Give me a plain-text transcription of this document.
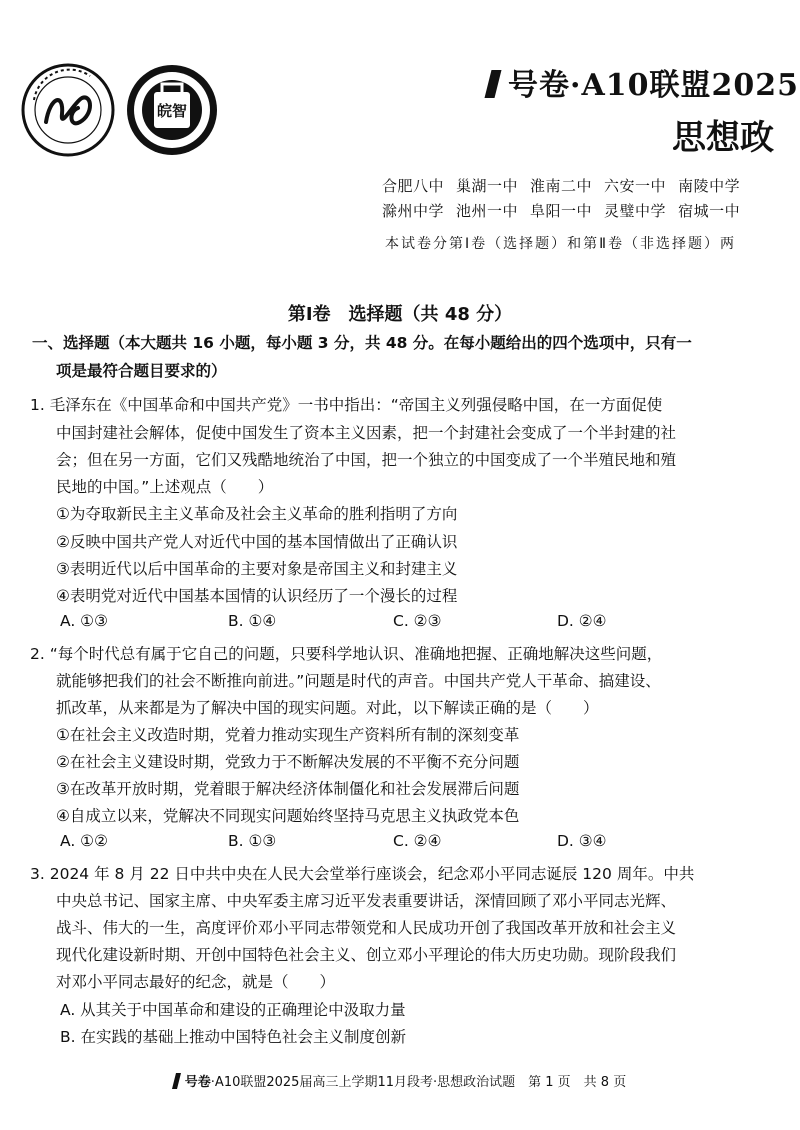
皖智
号卷·A10联盟2025
思想政
合肥八中 巢湖一中 淮南二中 六安一中 南陵中学
滁州中学 池州一中 阜阳一中 灵璧中学 宿城一中
本试卷分第Ⅰ卷（选择题）和第Ⅱ卷（非选择题）两
第Ⅰ卷　选择题（共 48 分）
一、选择题（本大题共 16 小题，每小题 3 分，共 48 分。在每小题给出的四个选项中，只有一
项是最符合题目要求的）
1. 毛泽东在《中国革命和中国共产党》一书中指出：“帝国主义列强侵略中国，在一方面促使
中国封建社会解体，促使中国发生了资本主义因素，把一个封建社会变成了一个半封建的社
会；但在另一方面，它们又残酷地统治了中国，把一个独立的中国变成了一个半殖民地和殖
民地的中国。”上述观点（　　）
①为夺取新民主主义革命及社会主义革命的胜利指明了方向
②反映中国共产党人对近代中国的基本国情做出了正确认识
③表明近代以后中国革命的主要对象是帝国主义和封建主义
④表明党对近代中国基本国情的认识经历了一个漫长的过程
A. ①③	B. ①④	C. ②③	D. ②④
2. “每个时代总有属于它自己的问题，只要科学地认识、准确地把握、正确地解决这些问题，
就能够把我们的社会不断推向前进。”问题是时代的声音。中国共产党人干革命、搞建设、
抓改革，从来都是为了解决中国的现实问题。对此，以下解读正确的是（　　）
①在社会主义改造时期，党着力推动实现生产资料所有制的深刻变革
②在社会主义建设时期，党致力于不断解决发展的不平衡不充分问题
③在改革开放时期，党着眼于解决经济体制僵化和社会发展滞后问题
④自成立以来，党解决不同现实问题始终坚持马克思主义执政党本色
A. ①②	B. ①③	C. ②④	D. ③④
3. 2024 年 8 月 22 日中共中央在人民大会堂举行座谈会，纪念邓小平同志诞辰 120 周年。中共
中央总书记、国家主席、中央军委主席习近平发表重要讲话，深情回顾了邓小平同志光辉、
战斗、伟大的一生，高度评价邓小平同志带领党和人民成功开创了我国改革开放和社会主义
现代化建设新时期、开创中国特色社会主义、创立邓小平理论的伟大历史功勋。现阶段我们
对邓小平同志最好的纪念，就是（　　）
A. 从其关于中国革命和建设的正确理论中汲取力量
B. 在实践的基础上推动中国特色社会主义制度创新
号卷·A10联盟2025届高三上学期11月段考·思想政治试题　第 1 页　共 8 页
